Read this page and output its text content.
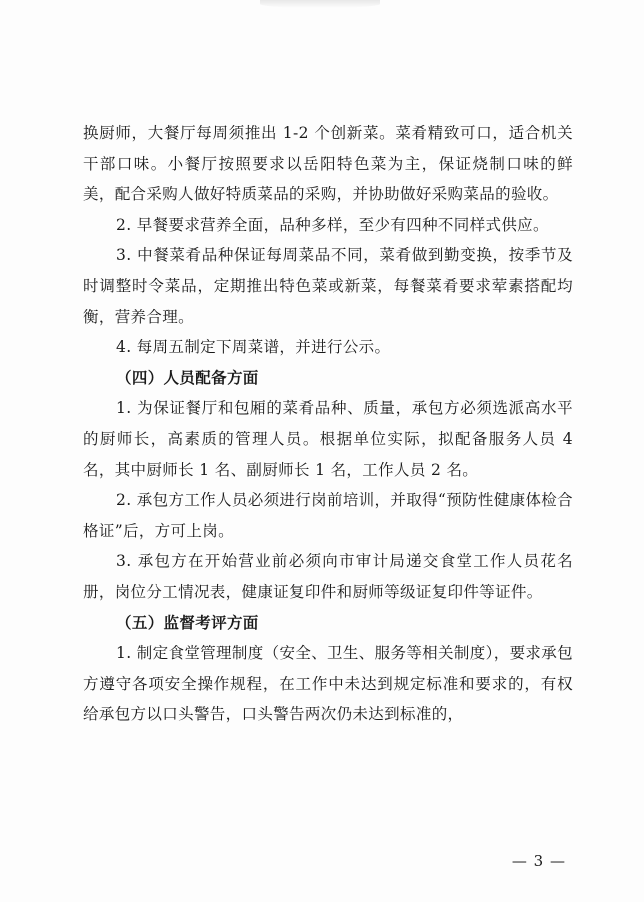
换厨师，大餐厅每周须推出 1-2 个创新菜。菜肴精致可口，适合机关干部口味。小餐厅按照要求以岳阳特色菜为主，保证烧制口味的鲜美，配合采购人做好特质菜品的采购，并协助做好采购菜品的验收。

2. 早餐要求营养全面，品种多样，至少有四种不同样式供应。

3. 中餐菜肴品种保证每周菜品不同，菜肴做到勤变换，按季节及时调整时令菜品，定期推出特色菜或新菜，每餐菜肴要求荤素搭配均衡，营养合理。

4. 每周五制定下周菜谱，并进行公示。

（四）人员配备方面

1. 为保证餐厅和包厢的菜肴品种、质量，承包方必须选派高水平的厨师长，高素质的管理人员。根据单位实际，拟配备服务人员 4 名，其中厨师长 1 名、副厨师长 1 名，工作人员 2 名。

2. 承包方工作人员必须进行岗前培训，并取得“预防性健康体检合格证”后，方可上岗。

3. 承包方在开始营业前必须向市审计局递交食堂工作人员花名册，岗位分工情况表，健康证复印件和厨师等级证复印件等证件。

（五）监督考评方面

1. 制定食堂管理制度（安全、卫生、服务等相关制度），要求承包方遵守各项安全操作规程，在工作中未达到规定标准和要求的，有权给承包方以口头警告，口头警告两次仍未达到标准的，

— 3 —
